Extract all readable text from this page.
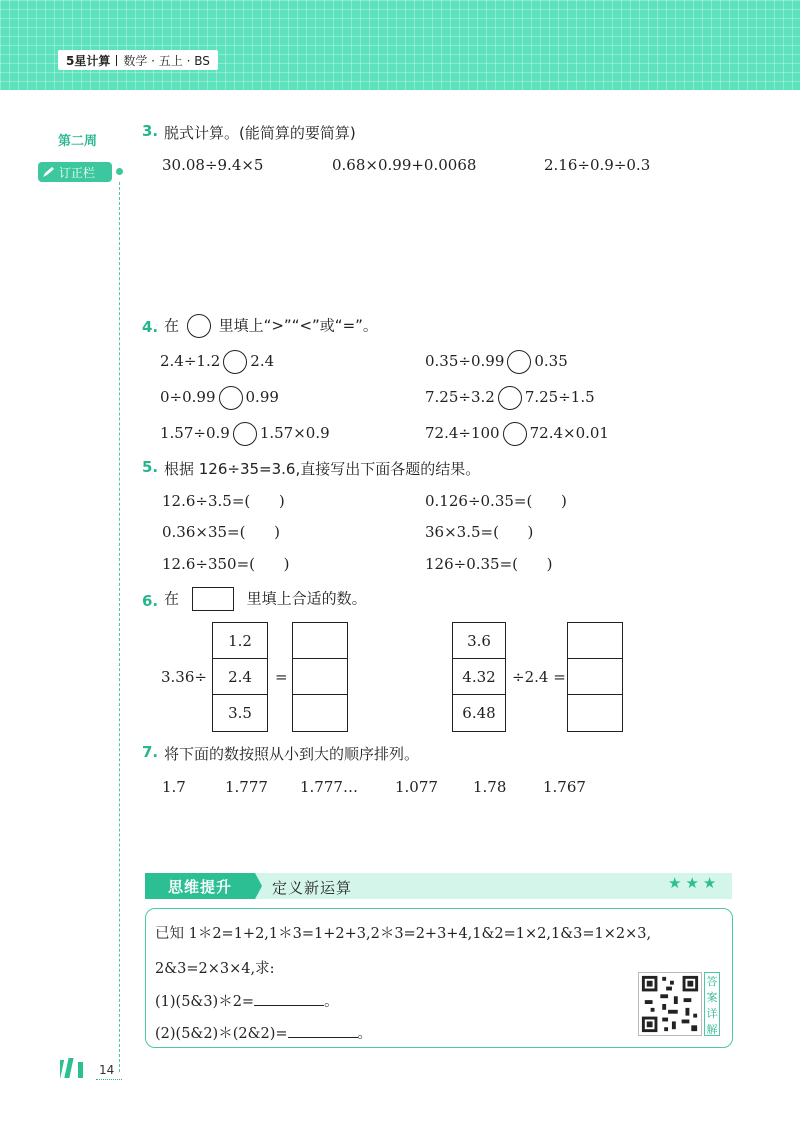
5星计算 数学 · 五上 · BS
第二周
订正栏
3. 脱式计算。(能简算的要简算)
30.08÷9.4×5	0.68×0.99+0.0068	2.16÷0.9÷0.3
4. 在	里填上“>”“<”或“=”。
2.4÷1.2 2.4	0.35÷0.99 0.35
0÷0.99 0.99	7.25÷3.2 7.25÷1.5
1.57÷0.9 1.57×0.9	72.4÷100 72.4×0.01
5. 根据 126÷35=3.6,直接写出下面各题的结果。
12.6÷3.5=(      )	0.126÷0.35=(      )
0.36×35=(      )	36×3.5=(      )
12.6÷350=(      )	126÷0.35=(      )
6. 在	里填上合适的数。
3.36÷
1.2
2.4
3.5
=
3.6
4.32
6.48
÷2.4 =
7. 将下面的数按照从小到大的顺序排列。
1.7	1.777 1.777… 1.077 1.78 1.767
思维提升	定义新运算	★★★
已知 1＊2=1+2,1＊3=1+2+3,2＊3=2+3+4,1&2=1×2,1&3=1×2×3,
2&3=2×3×4,求:
(1)(5&3)＊2=	。
(2)(5&2)＊(2&2)=	。
答
案
详
解
14
